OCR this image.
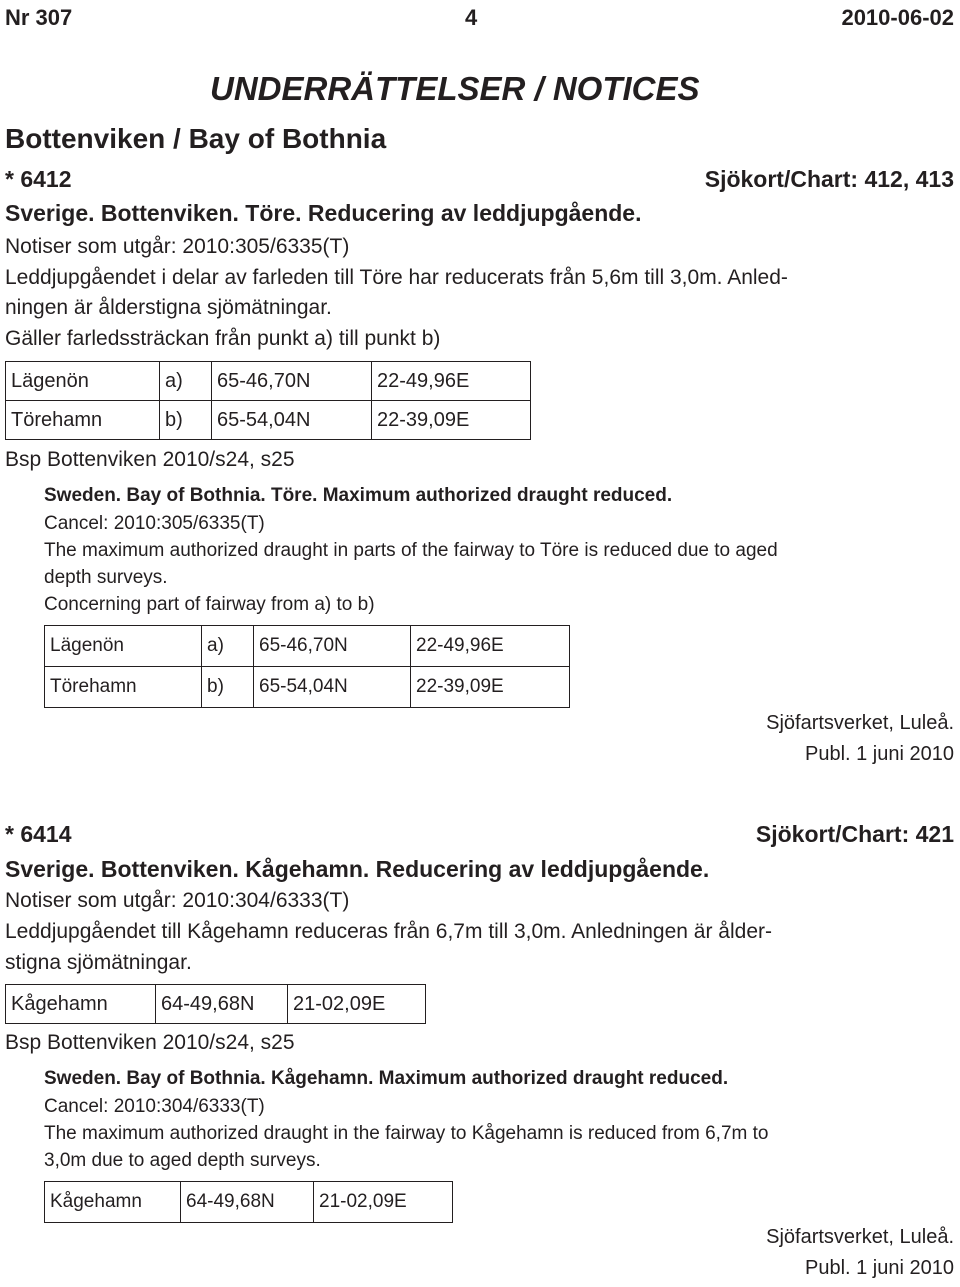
Nr 307	4	2010-06-02
UNDERRÄTTELSER / NOTICES
Bottenviken / Bay of Bothnia
* 6412	Sjökort/Chart: 412, 413
Sverige. Bottenviken. Töre. Reducering av leddjupgående.
Notiser som utgår: 2010:305/6335(T)
Leddjupgåendet i delar av farleden till Töre har reducerats från 5,6m till 3,0m. Anled-
ningen är ålderstigna sjömätningar.
Gäller farledssträckan från punkt a) till punkt b)
Lägenön	a)	65-46,70N	22-49,96E
Törehamn	b)	65-54,04N	22-39,09E
Bsp Bottenviken 2010/s24, s25
Sweden. Bay of Bothnia. Töre. Maximum authorized draught reduced.
Cancel: 2010:305/6335(T)
The maximum authorized draught in parts of the fairway to Töre is reduced due to aged
depth surveys.
Concerning part of fairway from a) to b)
Lägenön	a)	65-46,70N	22-49,96E
Törehamn	b)	65-54,04N	22-39,09E
Sjöfartsverket, Luleå.
Publ. 1 juni 2010
* 6414	Sjökort/Chart: 421
Sverige. Bottenviken. Kågehamn. Reducering av leddjupgående.
Notiser som utgår: 2010:304/6333(T)
Leddjupgåendet till Kågehamn reduceras från 6,7m till 3,0m. Anledningen är ålder-
stigna sjömätningar.
Kågehamn	64-49,68N	21-02,09E
Bsp Bottenviken 2010/s24, s25
Sweden. Bay of Bothnia. Kågehamn. Maximum authorized draught reduced.
Cancel: 2010:304/6333(T)
The maximum authorized draught in the fairway to Kågehamn is reduced from 6,7m to
3,0m due to aged depth surveys.
Kågehamn	64-49,68N	21-02,09E
Sjöfartsverket, Luleå.
Publ. 1 juni 2010
